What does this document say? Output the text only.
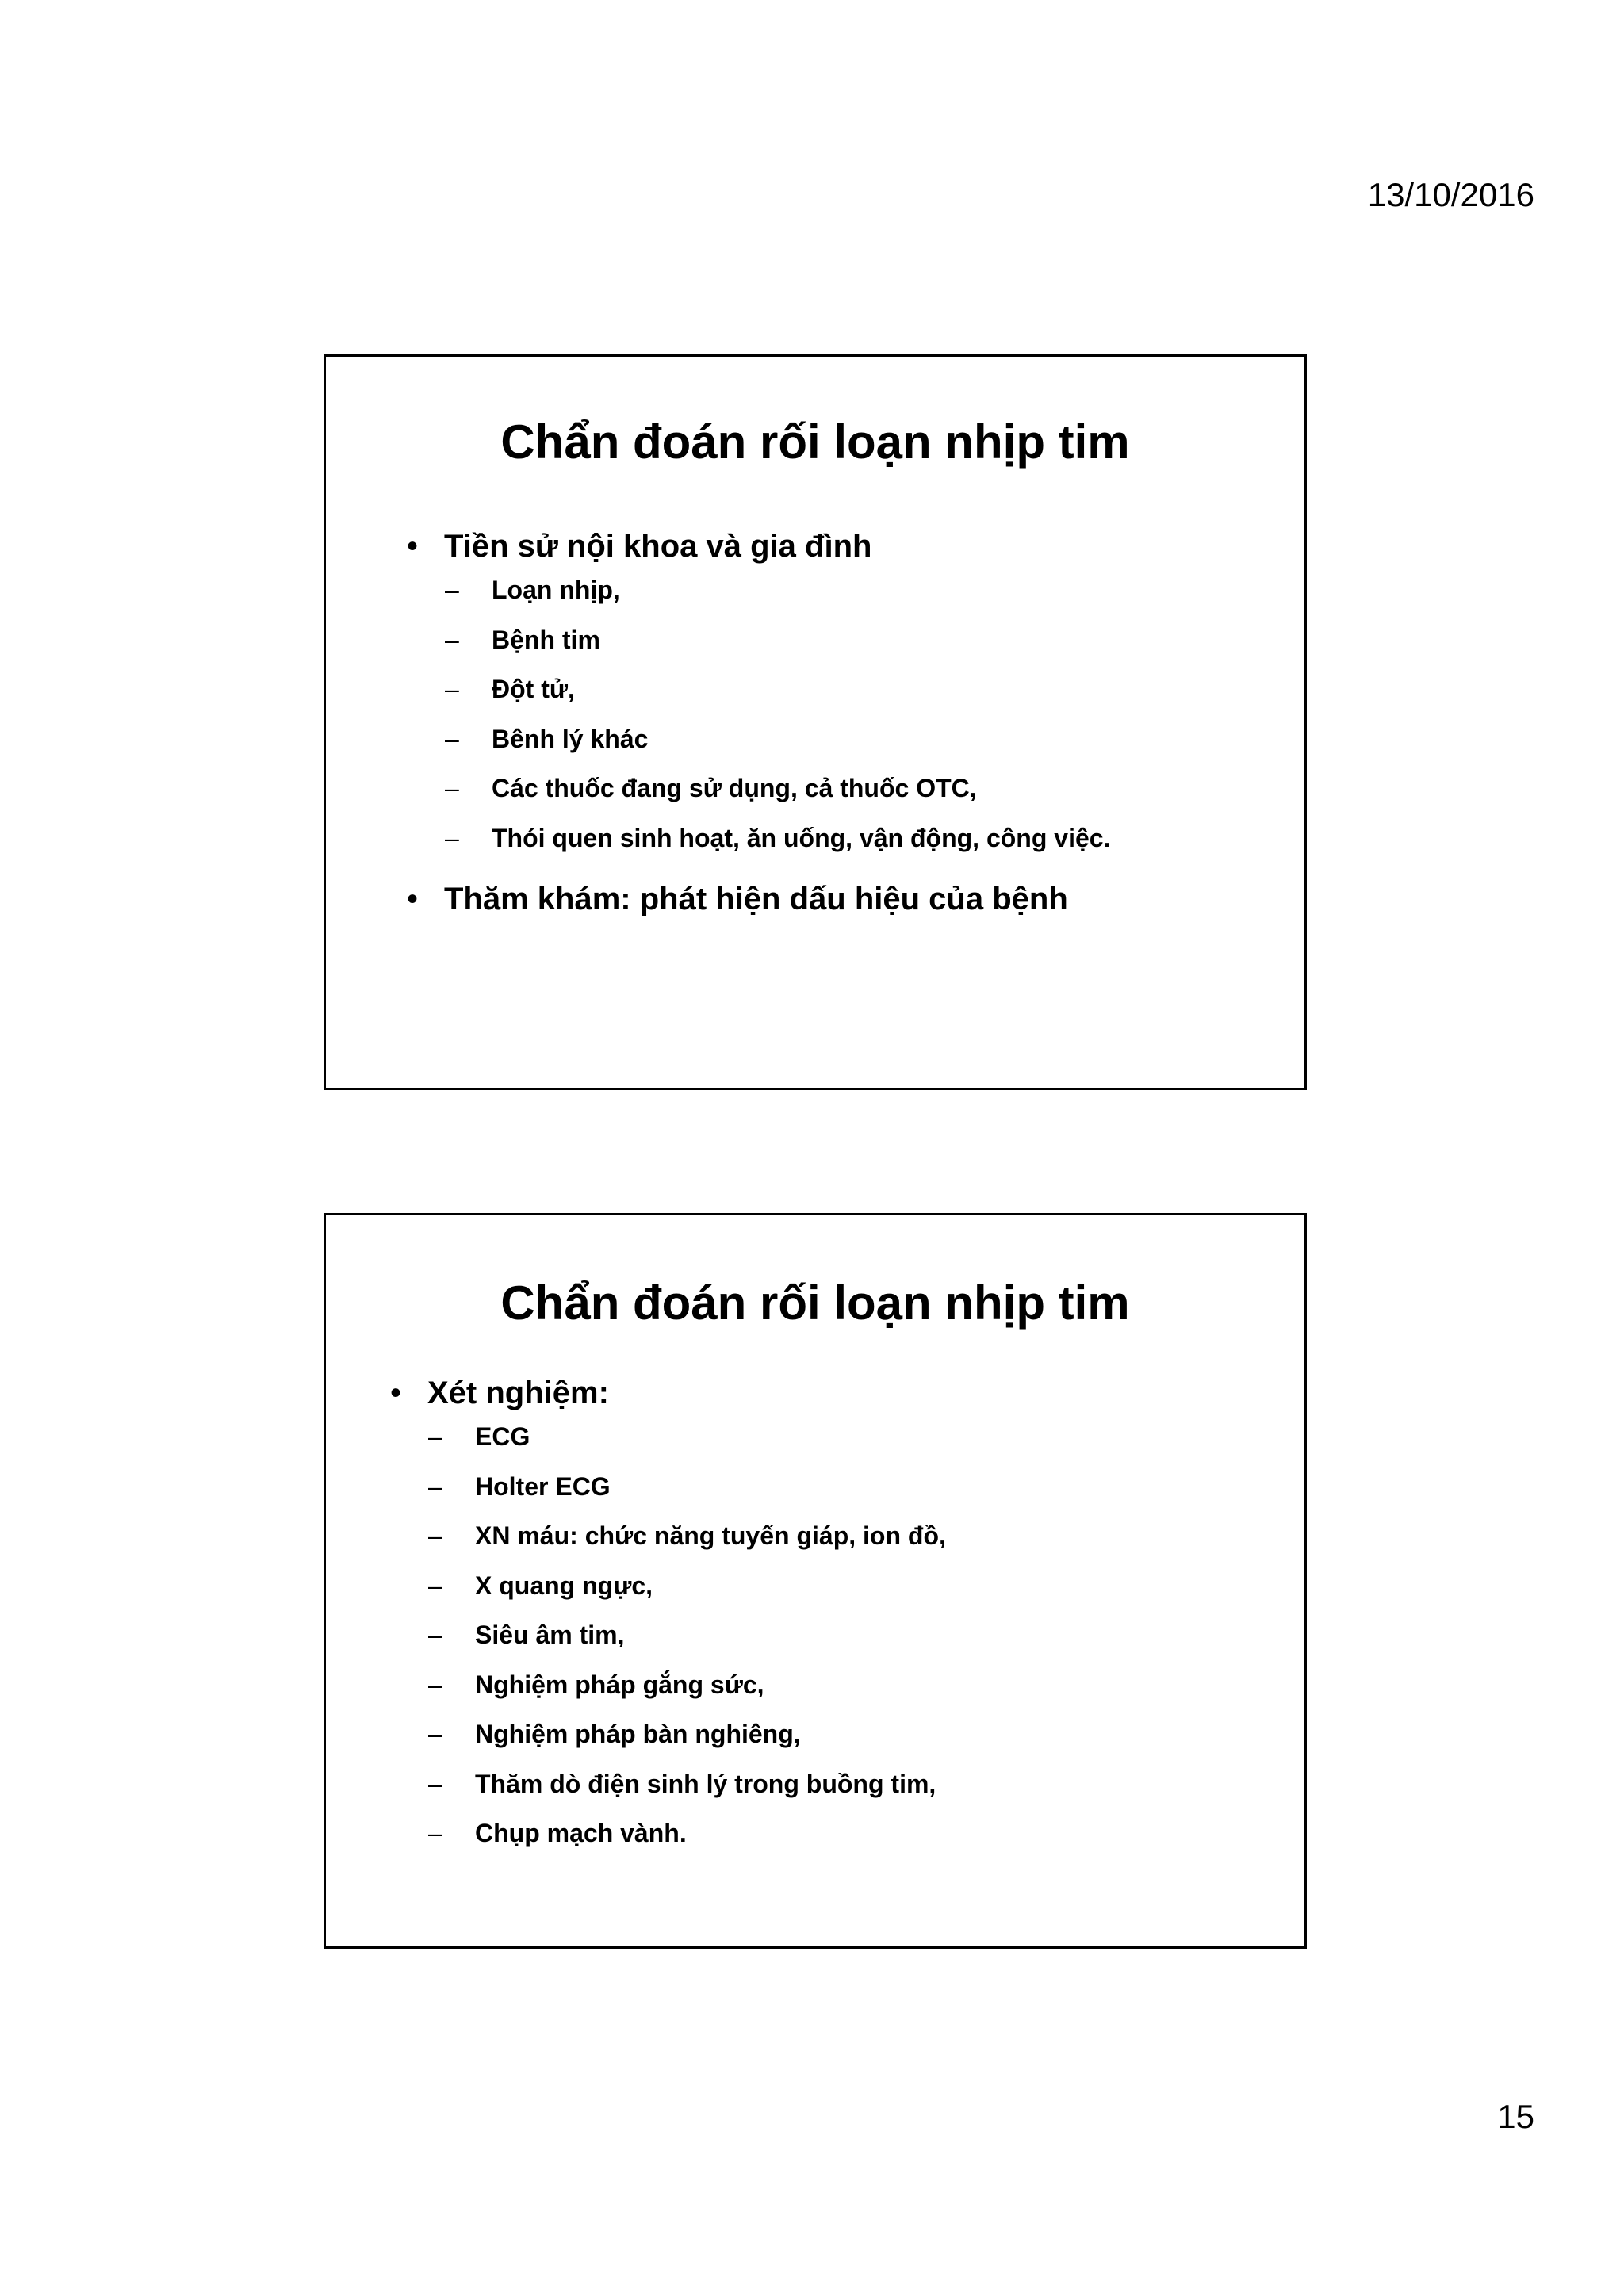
13/10/2016
Chẩn đoán rối loạn nhịp tim
• Tiền sử nội khoa và gia đình
– Loạn nhịp,
– Bệnh tim
– Đột tử,
– Bênh lý khác
– Các thuốc đang sử dụng, cả thuốc OTC,
– Thói quen sinh hoạt, ăn uống, vận động, công việc.
• Thăm khám: phát hiện dấu hiệu của bệnh
Chẩn đoán rối loạn nhịp tim
• Xét nghiệm:
– ECG
– Holter ECG
– XN máu: chức năng tuyến giáp, ion đồ,
– X quang ngực,
– Siêu âm tim,
– Nghiệm pháp gắng sức,
– Nghiệm pháp bàn nghiêng,
– Thăm dò điện sinh lý trong buồng tim,
– Chụp mạch vành.
15
